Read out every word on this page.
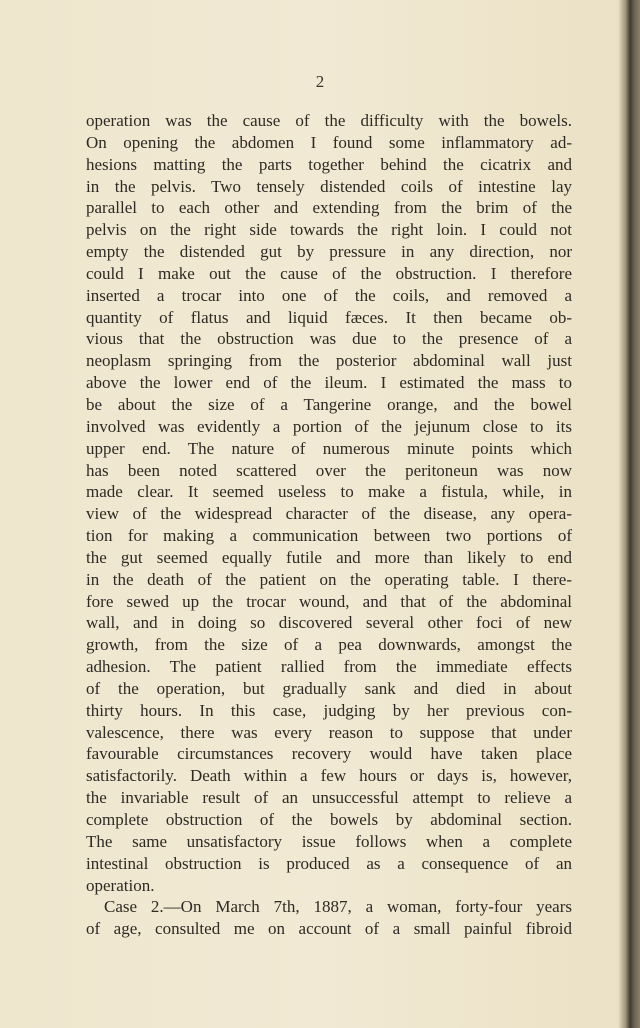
2
operation was the cause of the difficulty with the bowels.
On opening the abdomen I found some inflammatory ad-
hesions matting the parts together behind the cicatrix and
in the pelvis. Two tensely distended coils of intestine lay
parallel to each other and extending from the brim of the
pelvis on the right side towards the right loin. I could not
empty the distended gut by pressure in any direction, nor
could I make out the cause of the obstruction. I therefore
inserted a trocar into one of the coils, and removed a
quantity of flatus and liquid fæces. It then became ob-
vious that the obstruction was due to the presence of a
neoplasm springing from the posterior abdominal wall just
above the lower end of the ileum. I estimated the mass to
be about the size of a Tangerine orange, and the bowel
involved was evidently a portion of the jejunum close to its
upper end. The nature of numerous minute points which
has been noted scattered over the peritoneun was now
made clear. It seemed useless to make a fistula, while, in
view of the widespread character of the disease, any opera-
tion for making a communication between two portions of
the gut seemed equally futile and more than likely to end
in the death of the patient on the operating table. I there-
fore sewed up the trocar wound, and that of the abdominal
wall, and in doing so discovered several other foci of new
growth, from the size of a pea downwards, amongst the
adhesion. The patient rallied from the immediate effects
of the operation, but gradually sank and died in about
thirty hours. In this case, judging by her previous con-
valescence, there was every reason to suppose that under
favourable circumstances recovery would have taken place
satisfactorily. Death within a few hours or days is, however,
the invariable result of an unsuccessful attempt to relieve a
complete obstruction of the bowels by abdominal section.
The same unsatisfactory issue follows when a complete
intestinal obstruction is produced as a consequence of an
operation.
Case 2.—On March 7th, 1887, a woman, forty-four years
of age, consulted me on account of a small painful fibroid
